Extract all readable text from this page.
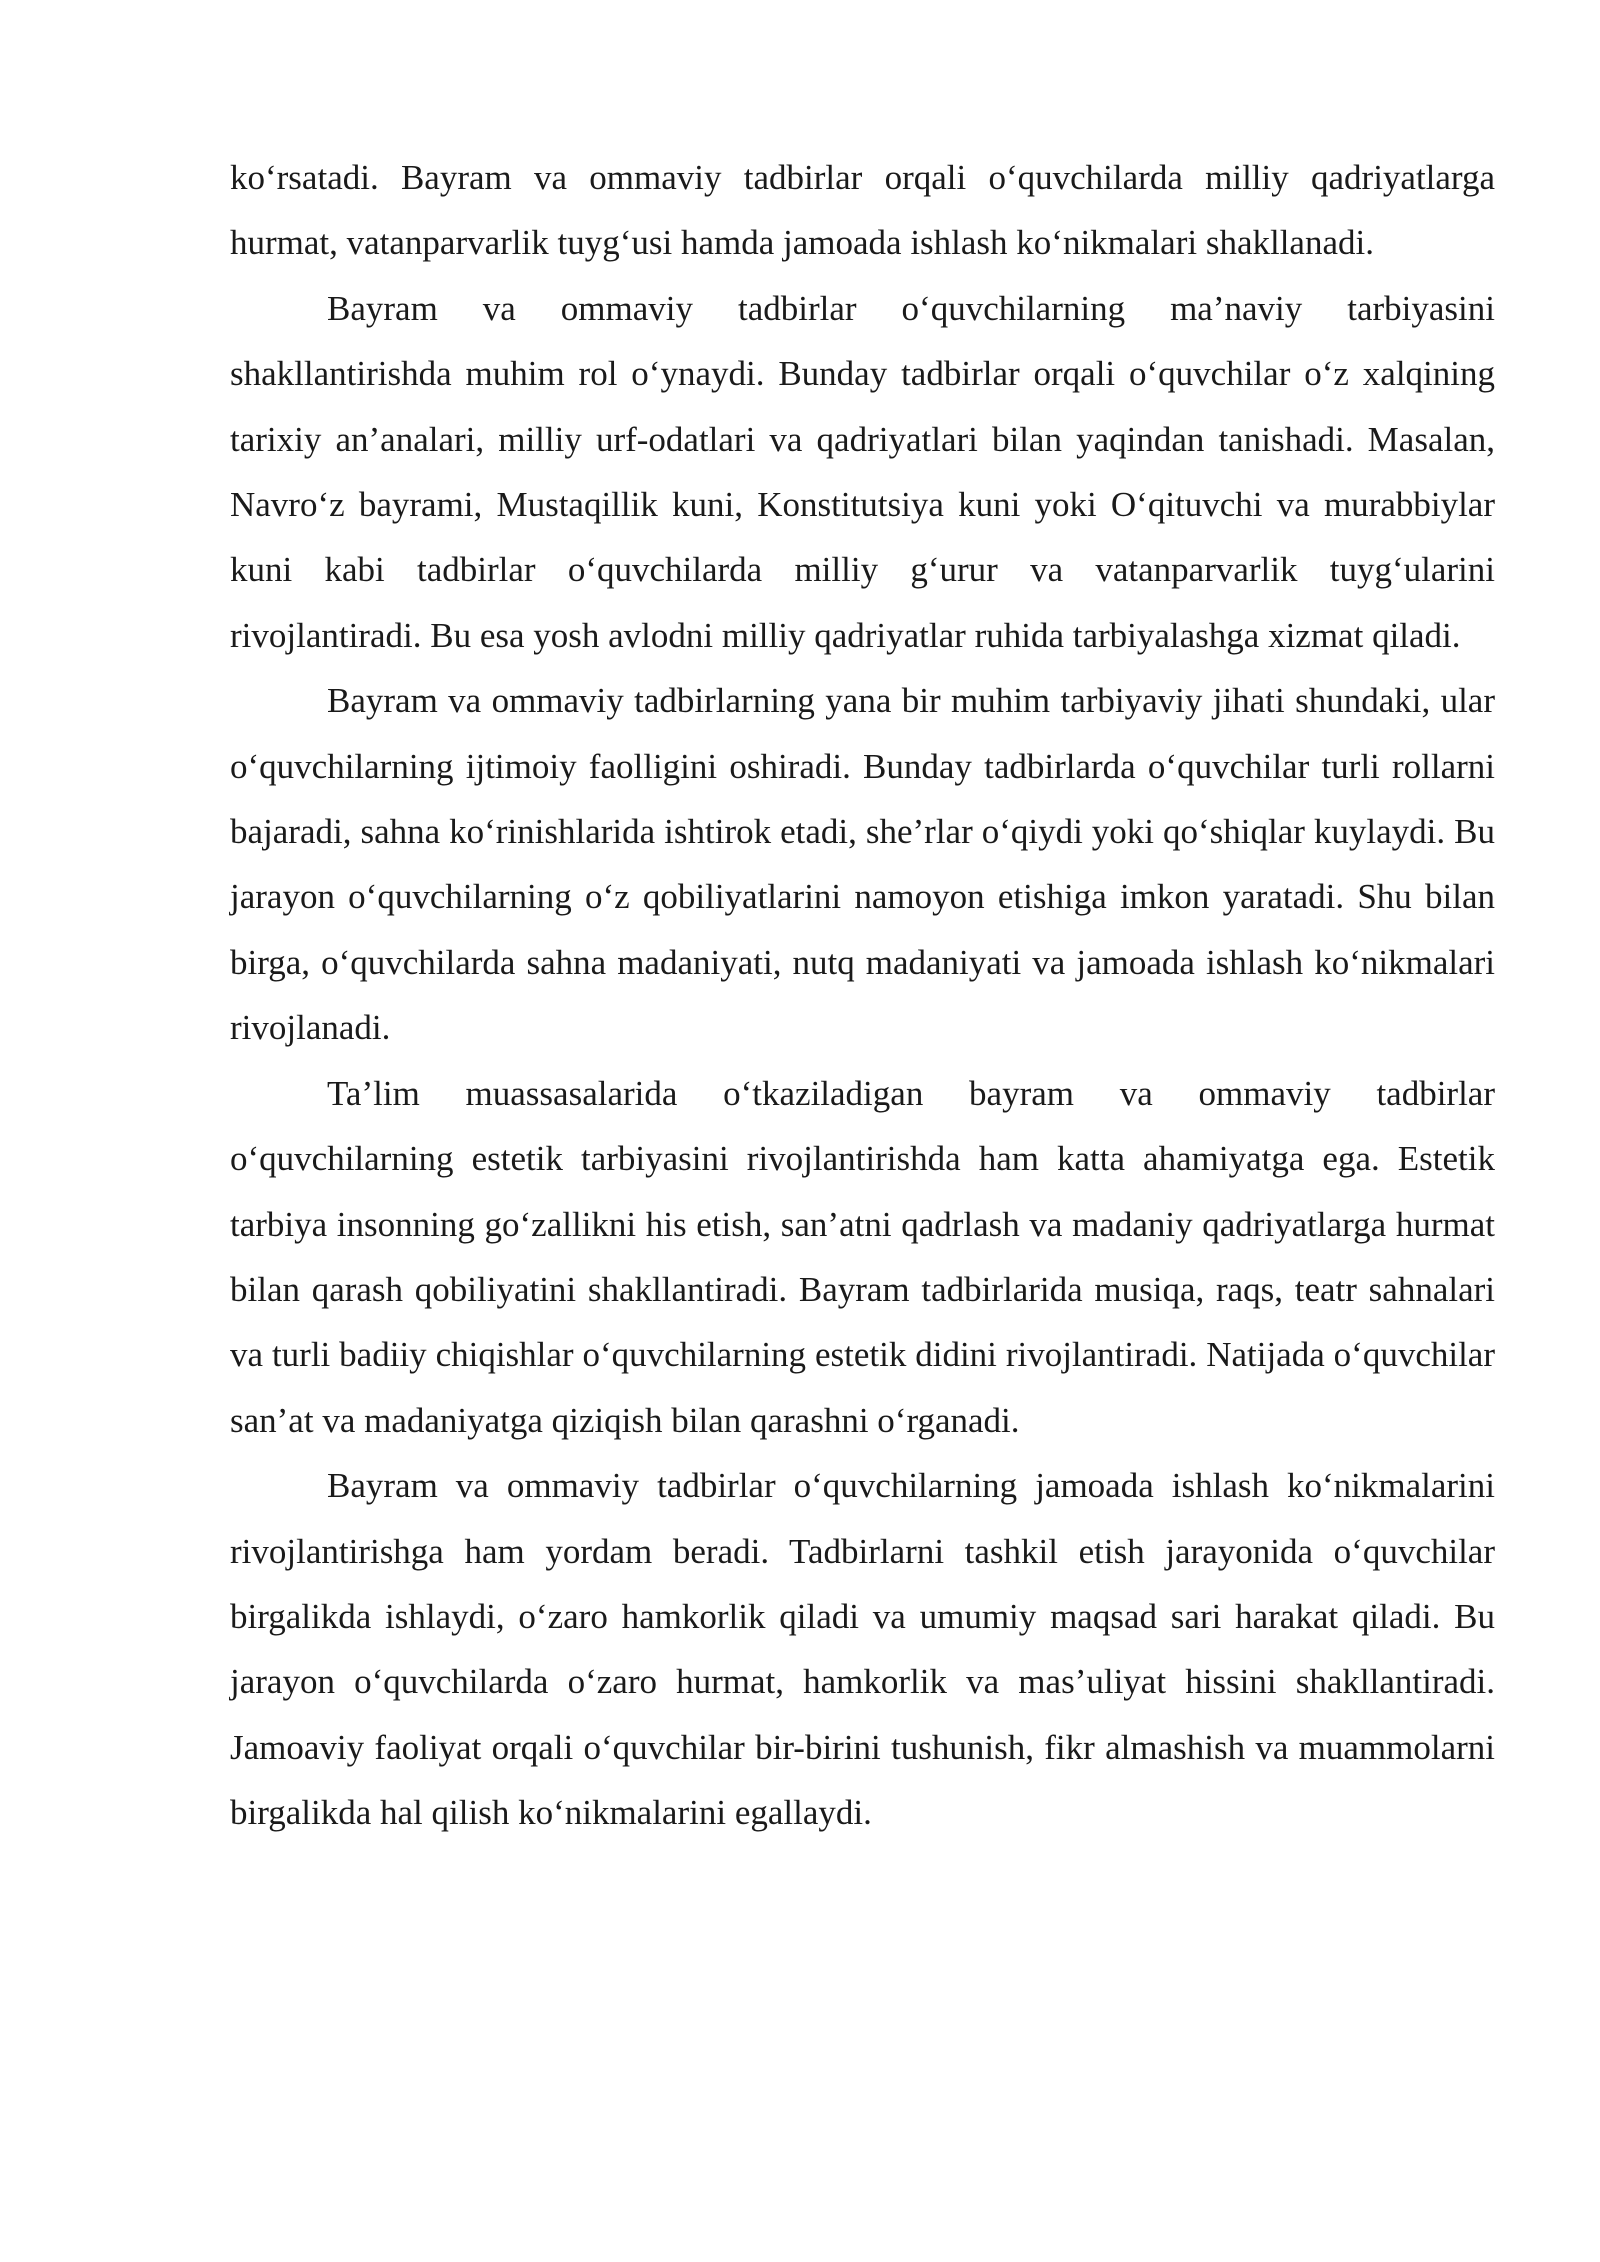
ko‘rsatadi. Bayram va ommaviy tadbirlar orqali o‘quvchilarda milliy qadriyatlarga hurmat, vatanparvarlik tuyg‘usi hamda jamoada ishlash ko‘nikmalari shakllanadi.

Bayram va ommaviy tadbirlar o‘quvchilarning ma’naviy tarbiyasini shakllantirishda muhim rol o‘ynaydi. Bunday tadbirlar orqali o‘quvchilar o‘z xalqining tarixiy an’analari, milliy urf-odatlari va qadriyatlari bilan yaqindan tanishadi. Masalan, Navro‘z bayrami, Mustaqillik kuni, Konstitutsiya kuni yoki O‘qituvchi va murabbiylar kuni kabi tadbirlar o‘quvchilarda milliy g‘urur va vatanparvarlik tuyg‘ularini rivojlantiradi. Bu esa yosh avlodni milliy qadriyatlar ruhida tarbiyalashga xizmat qiladi.

Bayram va ommaviy tadbirlarning yana bir muhim tarbiyaviy jihati shundaki, ular o‘quvchilarning ijtimoiy faolligini oshiradi. Bunday tadbirlarda o‘quvchilar turli rollarni bajaradi, sahna ko‘rinishlarida ishtirok etadi, she’rlar o‘qiydi yoki qo‘shiqlar kuylaydi. Bu jarayon o‘quvchilarning o‘z qobiliyatlarini namoyon etishiga imkon yaratadi. Shu bilan birga, o‘quvchilarda sahna madaniyati, nutq madaniyati va jamoada ishlash ko‘nikmalari rivojlanadi.

Ta’lim muassasalarida o‘tkaziladigan bayram va ommaviy tadbirlar o‘quvchilarning estetik tarbiyasini rivojlantirishda ham katta ahamiyatga ega. Estetik tarbiya insonning go‘zallikni his etish, san’atni qadrlash va madaniy qadriyatlarga hurmat bilan qarash qobiliyatini shakllantiradi. Bayram tadbirlarida musiqa, raqs, teatr sahnalari va turli badiiy chiqishlar o‘quvchilarning estetik didini rivojlantiradi. Natijada o‘quvchilar san’at va madaniyatga qiziqish bilan qarashni o‘rganadi.

Bayram va ommaviy tadbirlar o‘quvchilarning jamoada ishlash ko‘nikmalarini rivojlantirishga ham yordam beradi. Tadbirlarni tashkil etish jarayonida o‘quvchilar birgalikda ishlaydi, o‘zaro hamkorlik qiladi va umumiy maqsad sari harakat qiladi. Bu jarayon o‘quvchilarda o‘zaro hurmat, hamkorlik va mas’uliyat hissini shakllantiradi. Jamoaviy faoliyat orqali o‘quvchilar bir-birini tushunish, fikr almashish va muammolarni birgalikda hal qilish ko‘nikmalarini egallaydi.
